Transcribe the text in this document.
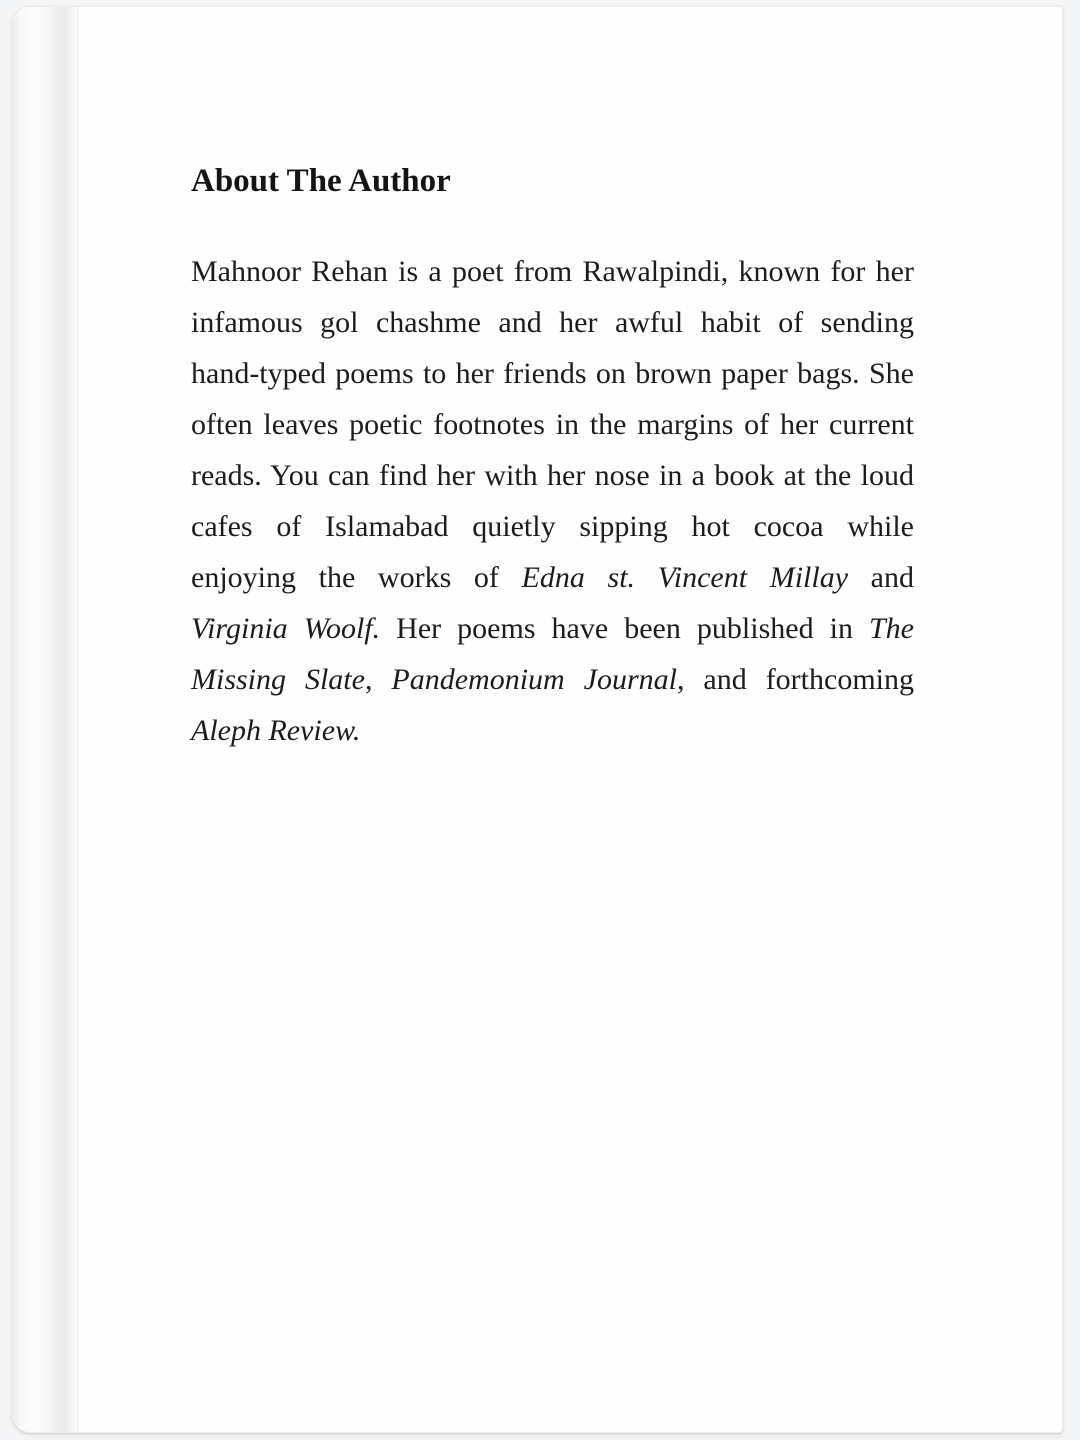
About The Author
Mahnoor Rehan is a poet from Rawalpindi, known for her
infamous gol chashme and her awful habit of sending
hand-typed poems to her friends on brown paper bags. She
often leaves poetic footnotes in the margins of her current
reads. You can find her with her nose in a book at the loud
cafes of Islamabad quietly sipping hot cocoa while
enjoying the works of Edna st. Vincent Millay and
Virginia Woolf. Her poems have been published in The
Missing Slate, Pandemonium Journal, and forthcoming
Aleph Review.
